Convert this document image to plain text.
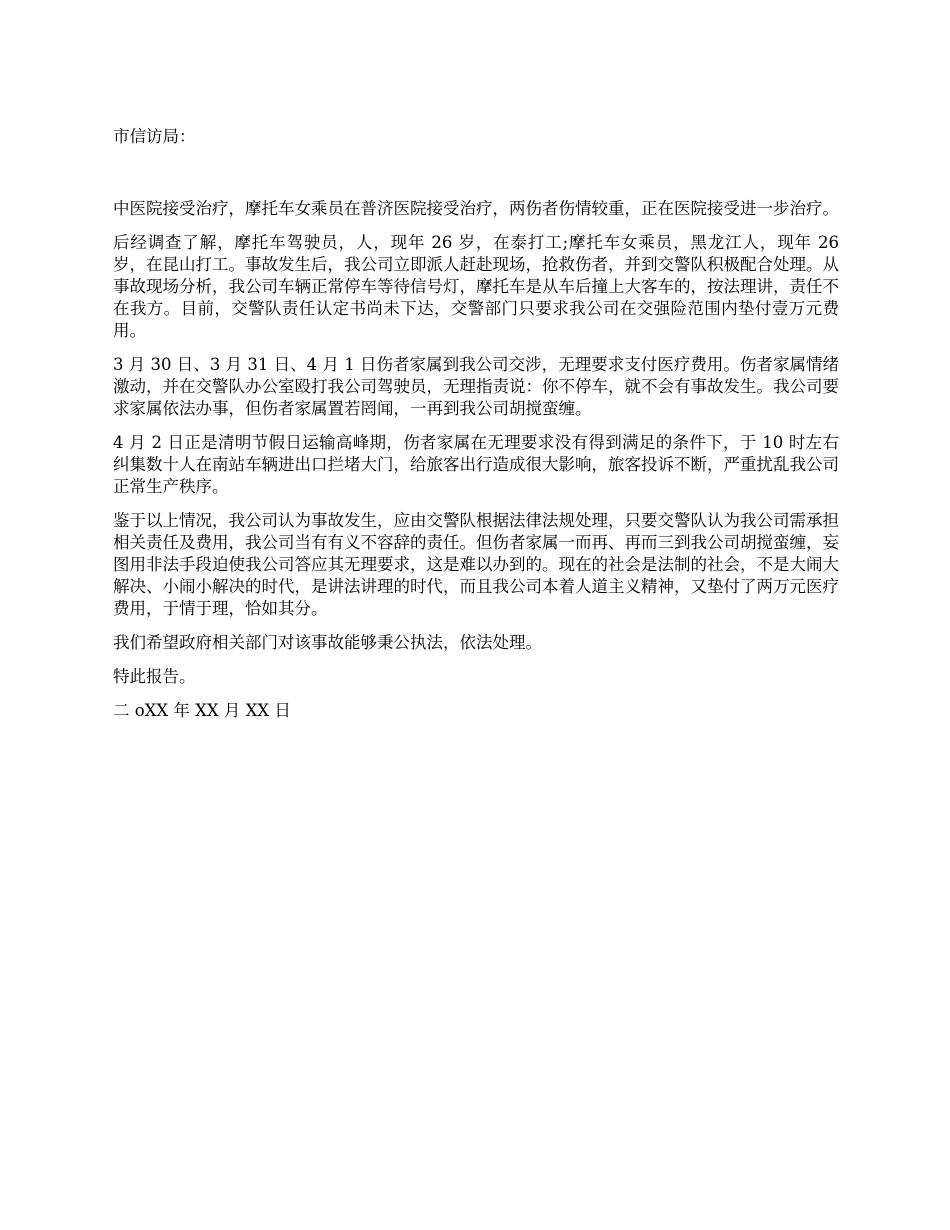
市信访局：

中医院接受治疗，摩托车女乘员在普济医院接受治疗，两伤者伤情较重，正在医院接受进一步治疗。

后经调查了解，摩托车驾驶员，人，现年 26 岁，在泰打工;摩托车女乘员，黑龙江人，现年 26 岁，在昆山打工。事故发生后，我公司立即派人赶赴现场，抢救伤者，并到交警队积极配合处理。从事故现场分析，我公司车辆正常停车等待信号灯，摩托车是从车后撞上大客车的，按法理讲，责任不在我方。目前，交警队责任认定书尚未下达，交警部门只要求我公司在交强险范围内垫付壹万元费用。

3 月 30 日、3 月 31 日、4 月 1 日伤者家属到我公司交涉，无理要求支付医疗费用。伤者家属情绪激动，并在交警队办公室殴打我公司驾驶员，无理指责说：你不停车，就不会有事故发生。我公司要求家属依法办事，但伤者家属置若罔闻，一再到我公司胡搅蛮缠。

4 月 2 日正是清明节假日运输高峰期，伤者家属在无理要求没有得到满足的条件下，于 10 时左右纠集数十人在南站车辆进出口拦堵大门，给旅客出行造成很大影响，旅客投诉不断，严重扰乱我公司正常生产秩序。

鉴于以上情况，我公司认为事故发生，应由交警队根据法律法规处理，只要交警队认为我公司需承担相关责任及费用，我公司当有有义不容辞的责任。但伤者家属一而再、再而三到我公司胡搅蛮缠，妄图用非法手段迫使我公司答应其无理要求，这是难以办到的。现在的社会是法制的社会，不是大闹大解决、小闹小解决的时代，是讲法讲理的时代，而且我公司本着人道主义精神，又垫付了两万元医疗费用，于情于理，恰如其分。

我们希望政府相关部门对该事故能够秉公执法，依法处理。

特此报告。

二 oXX 年 XX 月 XX 日
